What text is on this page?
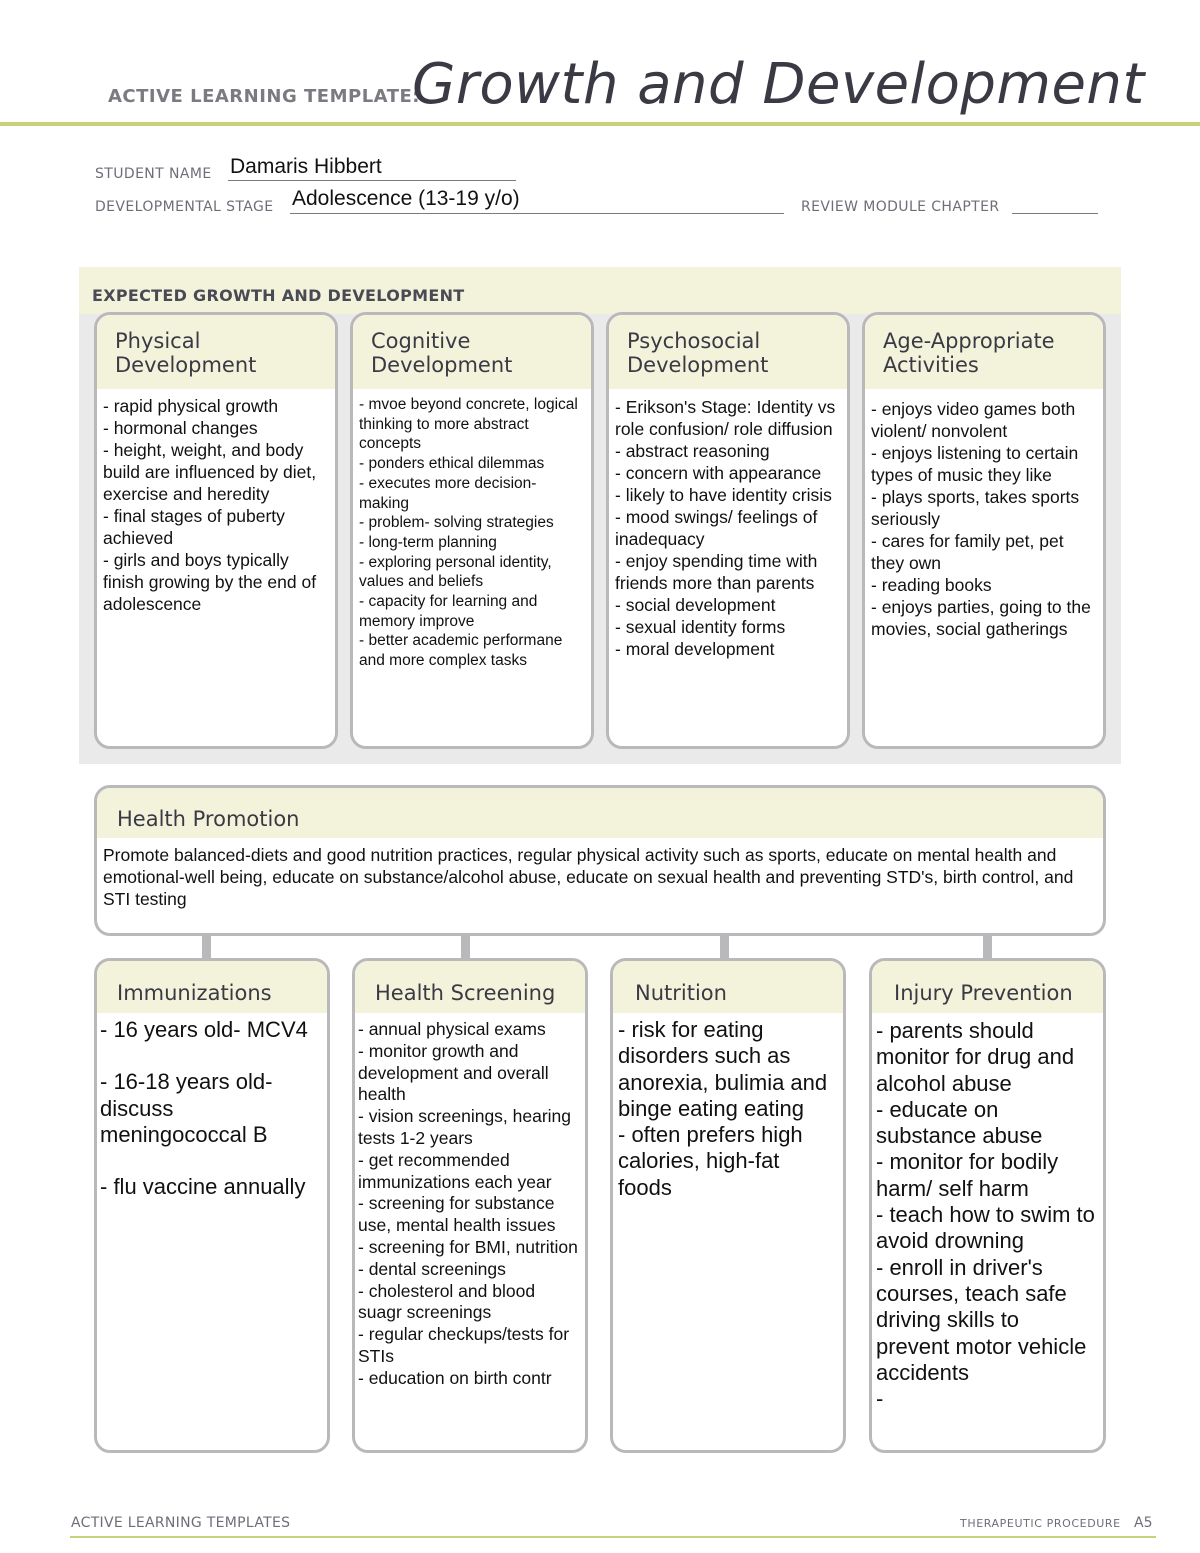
ACTIVE LEARNING TEMPLATE:
Growth and Development
STUDENT NAME Damaris Hibbert
DEVELOPMENTAL STAGE Adolescence (13-19 y/o)	REVIEW MODULE CHAPTER
EXPECTED GROWTH AND DEVELOPMENT
Physical
Development
- rapid physical growth
- hormonal changes
- height, weight, and body build are influenced by diet, exercise and heredity
- final stages of puberty achieved
- girls and boys typically finish growing by the end of adolescence
Cognitive
Development
- mvoe beyond concrete, logical thinking to more abstract concepts
- ponders ethical dilemmas
- executes more decision-making
- problem- solving strategies
- long-term planning
- exploring personal identity, values and beliefs
- capacity for learning and memory improve
- better academic performane and more complex tasks
Psychosocial
Development
- Erikson's Stage: Identity vs role confusion/ role diffusion
- abstract reasoning
- concern with appearance
- likely to have identity crisis
- mood swings/ feelings of inadequacy
- enjoy spending time with friends more than parents
- social development
- sexual identity forms
- moral development
Age-Appropriate
Activities
- enjoys video games both violent/ nonvolent
- enjoys listening to certain types of music they like
- plays sports, takes sports seriously
- cares for family pet, pet they own
- reading books
- enjoys parties, going to the movies, social gatherings
Health Promotion
Promote balanced-diets and good nutrition practices, regular physical activity such as sports, educate on mental health and emotional-well being, educate on substance/alcohol abuse, educate on sexual health and preventing STD's, birth control, and STI testing
Immunizations
- 16 years old- MCV4
- 16-18 years old- discuss meningococcal B
- flu vaccine annually
Health Screening
- annual physical exams
- monitor growth and development and overall health
- vision screenings, hearing tests 1-2 years
- get recommended immunizations each year
- screening for substance use, mental health issues
- screening for BMI, nutrition
- dental screenings
- cholesterol and blood suagr screenings
- regular checkups/tests for STIs
- education on birth contr
Nutrition
- risk for eating disorders such as anorexia, bulimia and binge eating eating
- often prefers high calories, high-fat foods
Injury Prevention
- parents should monitor for drug and alcohol abuse
- educate on substance abuse
- monitor for bodily harm/ self harm
- teach how to swim to avoid drowning
- enroll in driver's courses, teach safe driving skills to prevent motor vehicle accidents
-
ACTIVE LEARNING TEMPLATES	THERAPEUTIC PROCEDURE A5
